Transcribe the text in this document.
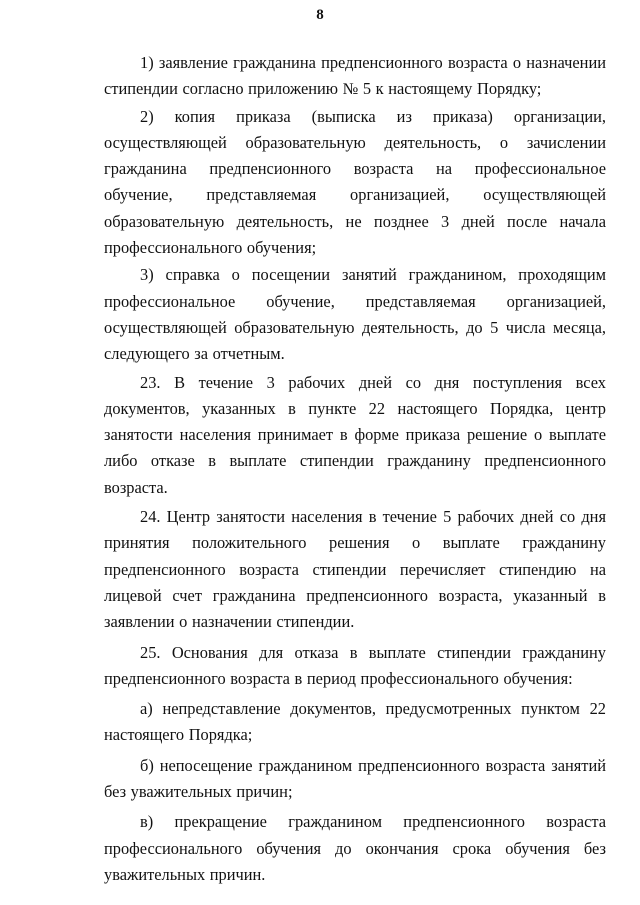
8

1) заявление гражданина предпенсионного возраста о назначении стипендии согласно приложению № 5 к настоящему Порядку;

2) копия приказа (выписка из приказа) организации, осуществляющей образовательную деятельность, о зачислении гражданина предпенсионного возраста на профессиональное обучение, представляемая организацией, осуществляющей образовательную деятельность, не позднее 3 дней после начала профессионального обучения;

3) справка о посещении занятий гражданином, проходящим профессиональное обучение, представляемая организацией, осуществляющей образовательную деятельность, до 5 числа месяца, следующего за отчетным.

23. В течение 3 рабочих дней со дня поступления всех документов, указанных в пункте 22 настоящего Порядка, центр занятости населения принимает в форме приказа решение о выплате либо отказе в выплате стипендии гражданину предпенсионного возраста.

24. Центр занятости населения в течение 5 рабочих дней со дня принятия положительного решения о выплате гражданину предпенсионного возраста стипендии перечисляет стипендию на лицевой счет гражданина предпенсионного возраста, указанный в заявлении о назначении стипендии.

25. Основания для отказа в выплате стипендии гражданину предпенсионного возраста в период профессионального обучения:

а) непредставление документов, предусмотренных пунктом 22 настоящего Порядка;

б) непосещение гражданином предпенсионного возраста занятий без уважительных причин;

в) прекращение гражданином предпенсионного возраста профессионального обучения до окончания срока обучения без уважительных причин.
